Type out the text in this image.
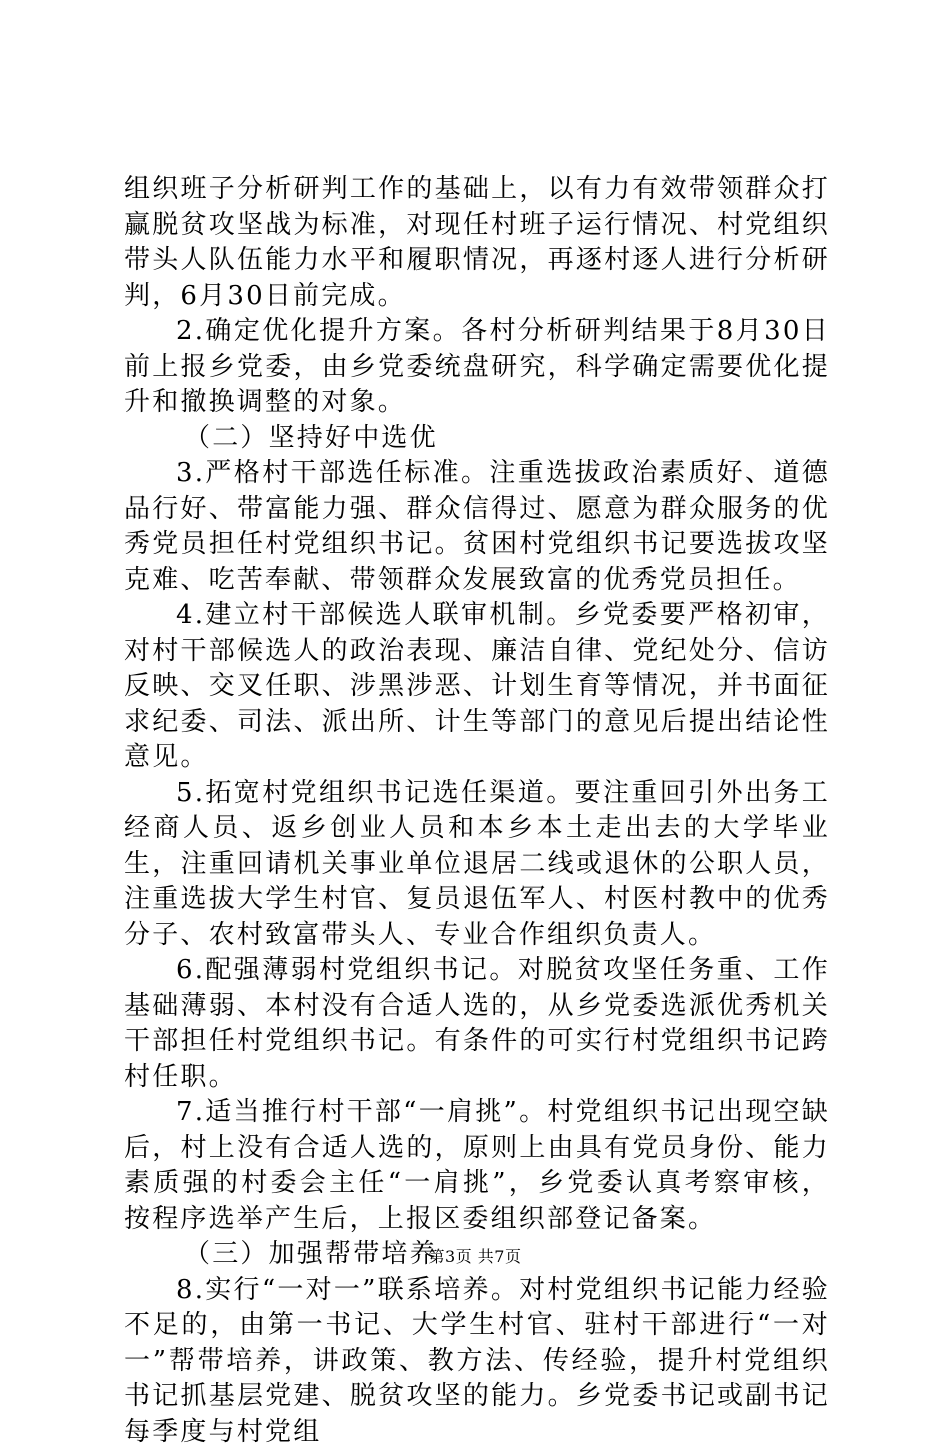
组织班子分析研判工作的基础上，以有力有效带领群众打赢脱贫攻坚战为标准，对现任村班子运行情况、村党组织带头人队伍能力水平和履职情况，再逐村逐人进行分析研判，6月30日前完成。

2.确定优化提升方案。各村分析研判结果于8月30日前上报乡党委，由乡党委统盘研究，科学确定需要优化提升和撤换调整的对象。

（二）坚持好中选优

3.严格村干部选任标准。注重选拔政治素质好、道德品行好、带富能力强、群众信得过、愿意为群众服务的优秀党员担任村党组织书记。贫困村党组织书记要选拔攻坚克难、吃苦奉献、带领群众发展致富的优秀党员担任。

4.建立村干部候选人联审机制。乡党委要严格初审，对村干部候选人的政治表现、廉洁自律、党纪处分、信访反映、交叉任职、涉黑涉恶、计划生育等情况，并书面征求纪委、司法、派出所、计生等部门的意见后提出结论性意见。

5.拓宽村党组织书记选任渠道。要注重回引外出务工经商人员、返乡创业人员和本乡本土走出去的大学毕业生，注重回请机关事业单位退居二线或退休的公职人员，注重选拔大学生村官、复员退伍军人、村医村教中的优秀分子、农村致富带头人、专业合作组织负责人。

6.配强薄弱村党组织书记。对脱贫攻坚任务重、工作基础薄弱、本村没有合适人选的，从乡党委选派优秀机关干部担任村党组织书记。有条件的可实行村党组织书记跨村任职。

7.适当推行村干部“一肩挑”。村党组织书记出现空缺后，村上没有合适人选的，原则上由具有党员身份、能力素质强的村委会主任“一肩挑”，乡党委认真考察审核，按程序选举产生后，上报区委组织部登记备案。

（三）加强帮带培养

8.实行“一对一”联系培养。对村党组织书记能力经验不足的，由第一书记、大学生村官、驻村干部进行“一对一”帮带培养，讲政策、教方法、传经验，提升村党组织书记抓基层党建、脱贫攻坚的能力。乡党委书记或副书记每季度与村党组

第3页 共7页
